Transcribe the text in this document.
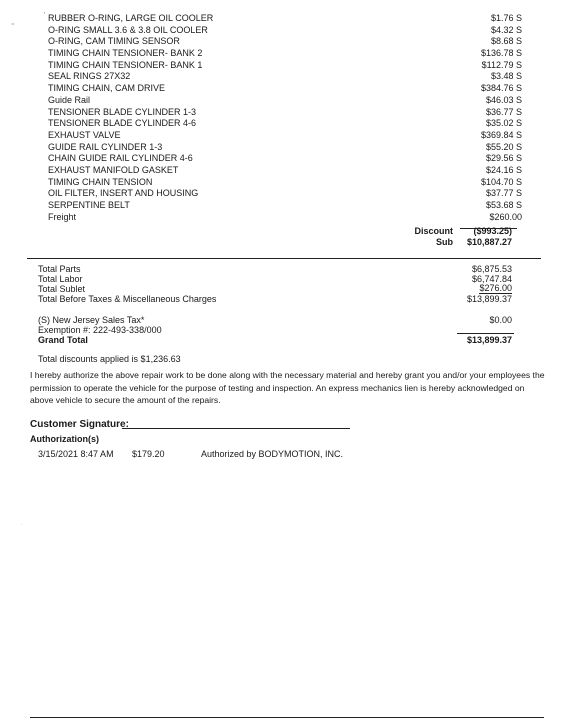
'
=
.
RUBBER O-RING, LARGE OIL COOLER	$1.76 S
O-RING SMALL 3.6 & 3.8 OIL COOLER	$4.32 S
O-RING, CAM TIMING SENSOR	$8.68 S
TIMING CHAIN TENSIONER- BANK 2	$136.78 S
TIMING CHAIN TENSIONER- BANK 1	$112.79 S
SEAL RINGS 27X32	$3.48 S
TIMING CHAIN, CAM DRIVE	$384.76 S
Guide Rail	$46.03 S
TENSIONER BLADE CYLINDER 1-3	$36.77 S
TENSIONER BLADE CYLINDER 4-6	$35.02 S
EXHAUST VALVE	$369.84 S
GUIDE RAIL CYLINDER 1-3	$55.20 S
CHAIN GUIDE RAIL CYLINDER 4-6	$29.56 S
EXHAUST MANIFOLD GASKET	$24.16 S
TIMING CHAIN TENSION	$104.70 S
OIL FILTER, INSERT AND HOUSING	$37.77 S
SERPENTINE BELT	$53.68 S
Freight	$260.00
Discount ($993.25)
Sub $10,887.27
Total Parts	$6,875.53
Total Labor	$6,747.84
Total Sublet	$276.00
Total Before Taxes & Miscellaneous Charges	$13,899.37
(S) New Jersey Sales Tax*	$0.00
Exemption #: 222-493-338/000
Grand Total	$13,899.37
Total discounts applied is $1,236.63
I hereby authorize the above repair work to be done along with the necessary material and hereby grant you and/or your employees the permission to operate the vehicle for the purpose of testing and inspection. An express mechanics lien is hereby acknowledged on above vehicle to secure the amount of the repairs.
Customer Signature:
Authorization(s)
3/15/2021 8:47 AM $179.20	Authorized by BODYMOTION, INC.
